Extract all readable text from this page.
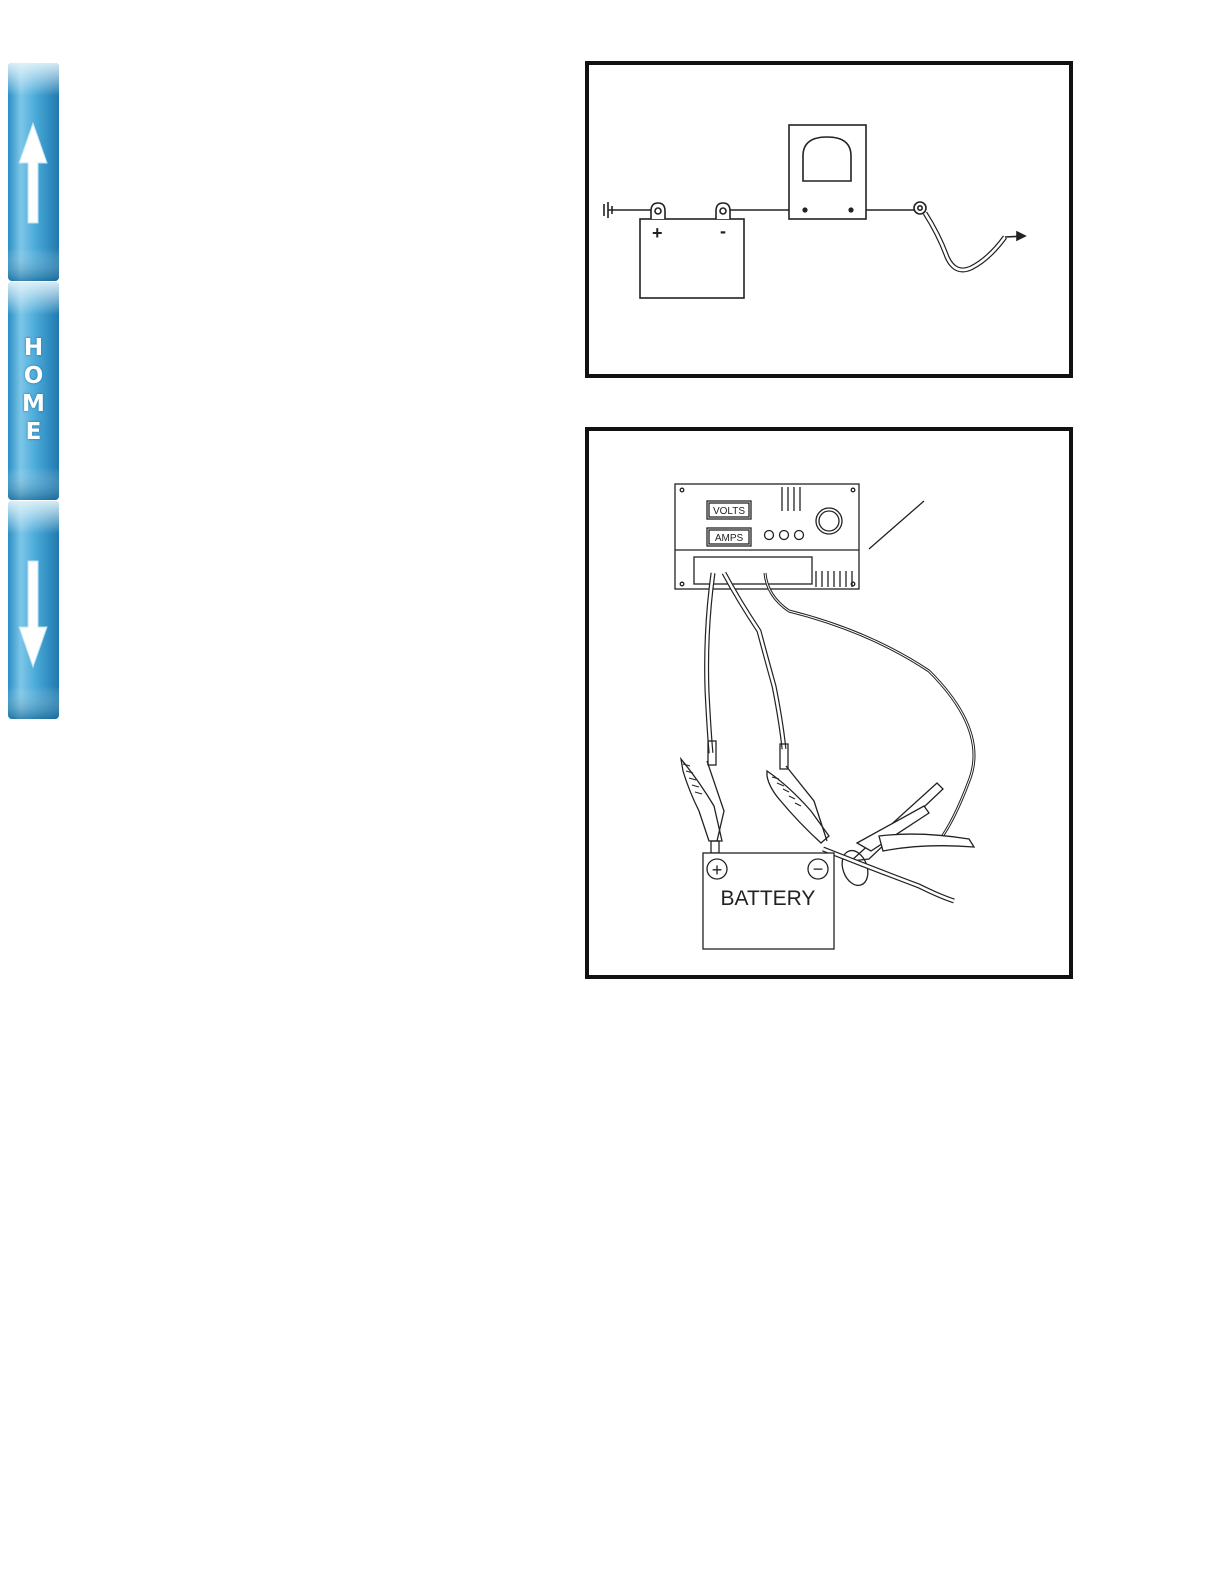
H
O
M
E
+	-
VOLTS
AMPS
BATTERY
+	−
